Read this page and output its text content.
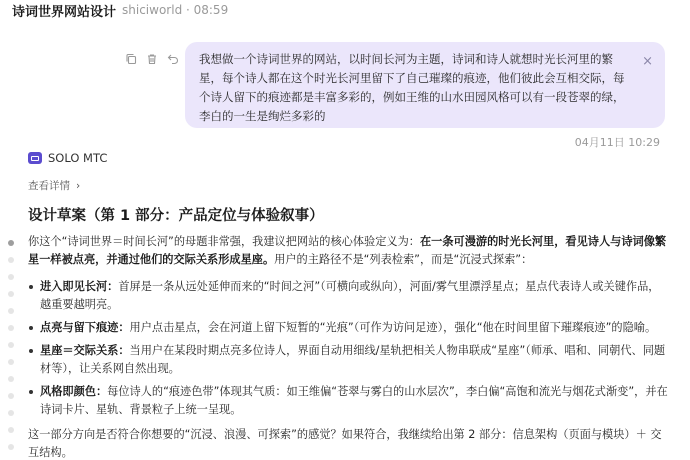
诗词世界网站设计 shiciworld · 08:59
我想做一个诗词世界的网站，以时间长河为主题，诗词和诗人就想时光长河里的繁星，每个诗人都在这个时光长河里留下了自己璀璨的痕迹，他们彼此会互相交际，每个诗人留下的痕迹都是丰富多彩的，例如王维的山水田园风格可以有一段苍翠的绿，李白的一生是绚烂多彩的
×
04月11日 10:29
SOLO MTC
查看详情 ›
设计草案（第 1 部分：产品定位与体验叙事）

你这个“诗词世界＝时间长河”的母题非常强，我建议把网站的核心体验定义为：在一条可漫游的时光长河里，看见诗人与诗词像繁星一样被点亮，并通过他们的交际关系形成星座。用户的主路径不是“列表检索”，而是“沉浸式探索”：

进入即见长河：首屏是一条从远处延伸而来的“时间之河”（可横向或纵向），河面/雾气里漂浮星点；星点代表诗人或关键作品，越重要越明亮。
点亮与留下痕迹：用户点击星点，会在河道上留下短暂的“光痕”（可作为访问足迹），强化“他在时间里留下璀璨痕迹”的隐喻。
星座＝交际关系：当用户在某段时期点亮多位诗人，界面自动用细线/星轨把相关人物串联成“星座”（师承、唱和、同朝代、同题材等），让关系网自然出现。
风格即颜色：每位诗人的“痕迹色带”体现其气质：如王维偏“苍翠与雾白的山水层次”，李白偏“高饱和流光与烟花式渐变”，并在诗词卡片、星轨、背景粒子上统一呈现。

这一部分方向是否符合你想要的“沉浸、浪漫、可探索”的感觉？如果符合，我继续给出第 2 部分：信息架构（页面与模块）＋ 交互结构。
